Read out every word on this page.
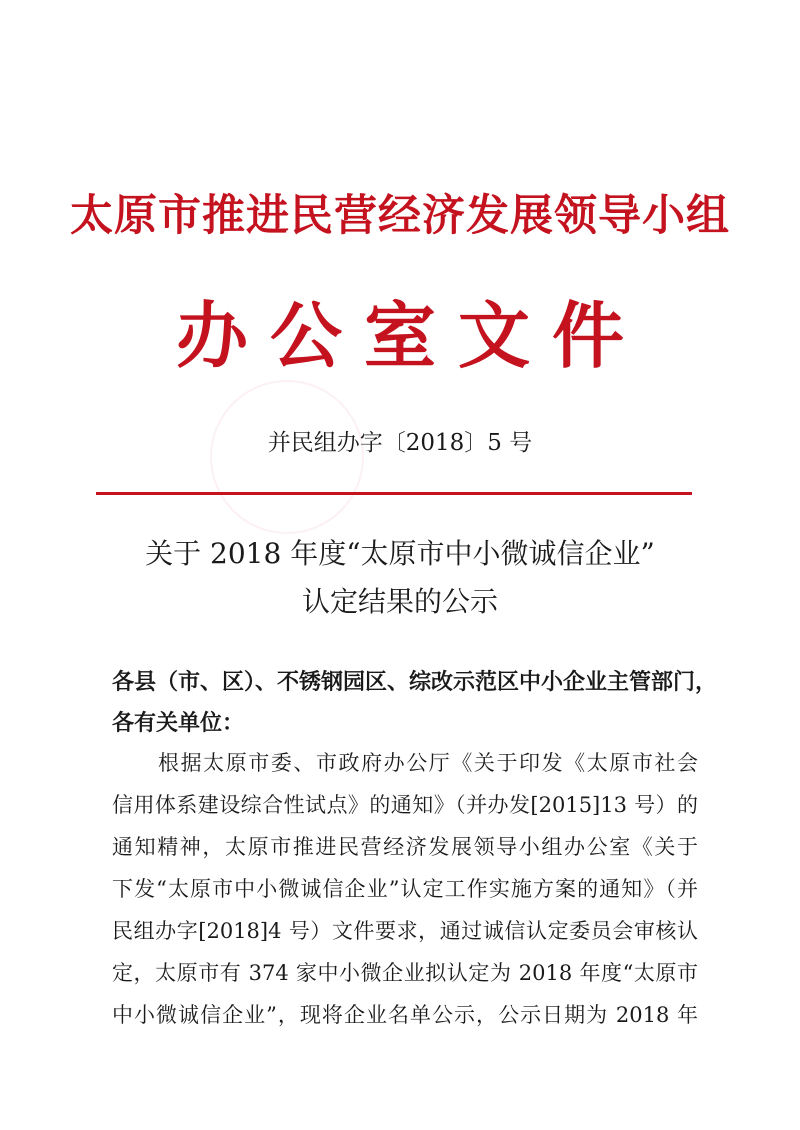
太原市推进民营经济发展领导小组
办公室文件
并民组办字〔2018〕5 号
关于 2018 年度“太原市中小微诚信企业”
认定结果的公示
各县（市、区）、不锈钢园区、综改示范区中小企业主管部门，
各有关单位：
根据太原市委、市政府办公厅《关于印发《太原市社会
信用体系建设综合性试点》的通知》（并办发[2015]13 号）的
通知精神，太原市推进民营经济发展领导小组办公室《关于
下发“太原市中小微诚信企业”认定工作实施方案的通知》（并
民组办字[2018]4 号）文件要求，通过诚信认定委员会审核认
定，太原市有 374 家中小微企业拟认定为 2018 年度“太原市
中小微诚信企业”，现将企业名单公示，公示日期为 2018 年
